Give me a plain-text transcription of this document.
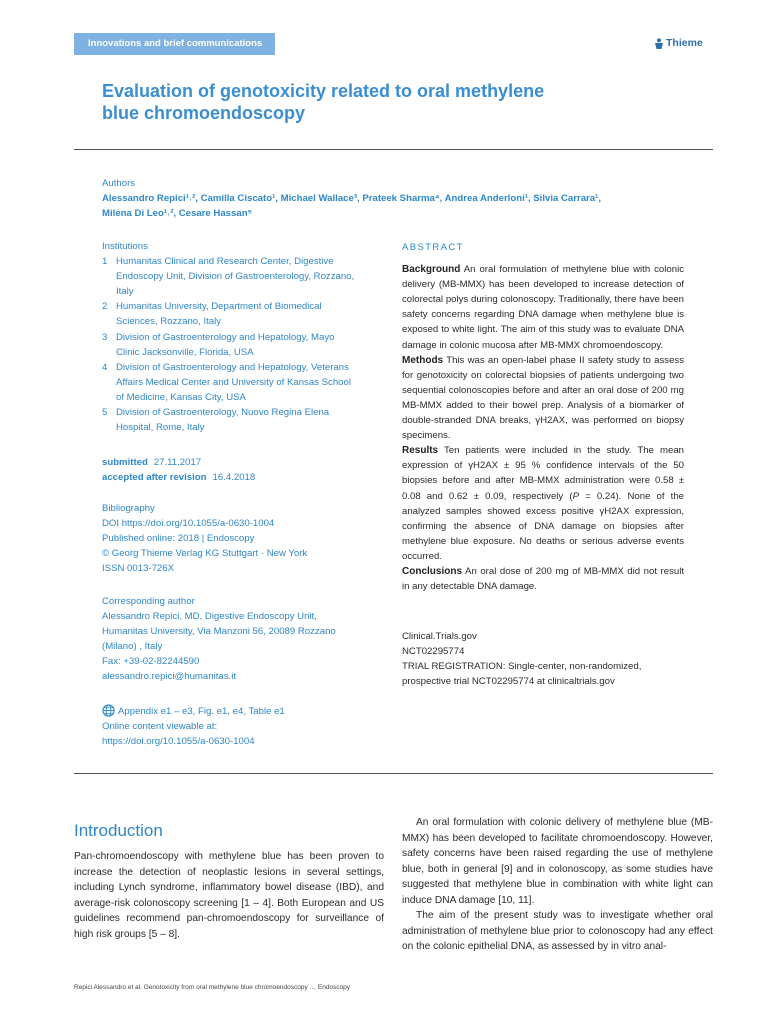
Innovations and brief communications	Thieme
Evaluation of genotoxicity related to oral methylene
blue chromoendoscopy
Authors
Alessandro Repici¹˒², Camilla Ciscato¹, Michael Wallace³, Prateek Sharma⁴, Andrea Anderloni¹, Silvia Carrara¹,
Milena Di Leo¹˒², Cesare Hassan⁵
Institutions
1 Humanitas Clinical and Research Center, Digestive
Endoscopy Unit, Division of Gastroenterology, Rozzano,
Italy
2 Humanitas University, Department of Biomedical
Sciences, Rozzano, Italy
3 Division of Gastroenterology and Hepatology, Mayo
Clinic Jacksonville, Florida, USA
4 Division of Gastroenterology and Hepatology, Veterans
Affairs Medical Center and University of Kansas School
of Medicine, Kansas City, USA
5 Division of Gastroenterology, Nuovo Regina Elena
Hospital, Rome, Italy
submitted 27.11.2017
accepted after revision 16.4.2018
Bibliography
DOI https://doi.org/10.1055/a-0630-1004
Published online: 2018 | Endoscopy
© Georg Thieme Verlag KG Stuttgart · New York
ISSN 0013-726X
Corresponding author
Alessandro Repici, MD, Digestive Endoscopy Unit,
Humanitas University, Via Manzoni 56, 20089 Rozzano
(Milano) , Italy
Fax: +39-02-82244590
alessandro.repici@humanitas.it
Appendix e1 – e3, Fig. e1, e4, Table e1
Online content viewable at:
https://doi.org/10.1055/a-0630-1004
ABSTRACT

Background An oral formulation of methylene blue with colonic delivery (MB-MMX) has been developed to increase detection of colorectal polys during colonoscopy. Traditionally, there have been safety concerns regarding DNA damage when methylene blue is exposed to white light. The aim of this study was to evaluate DNA damage in colonic mucosa after MB-MMX chromoendoscopy.

Methods This was an open-label phase II safety study to assess for genotoxicity on colorectal biopsies of patients undergoing two sequential colonoscopies before and after an oral dose of 200 mg MB-MMX added to their bowel prep. Analysis of a biomarker of double-stranded DNA breaks, γH2AX, was performed on biopsy specimens.

Results Ten patients were included in the study. The mean expression of γH2AX ± 95 % confidence intervals of the 50 biopsies before and after MB-MMX administration were 0.58 ± 0.08 and 0.62 ± 0.09, respectively (P = 0.24). None of the analyzed samples showed excess positive γH2AX expression, confirming the absence of DNA damage on biopsies after methylene blue exposure. No deaths or serious adverse events occurred.

Conclusions An oral dose of 200 mg of MB-MMX did not result in any detectable DNA damage.

Clinical.Trials.gov
NCT02295774
TRIAL REGISTRATION: Single-center, non-randomized,
prospective trial NCT02295774 at clinicaltrials.gov
Introduction

Pan-chromoendoscopy with methylene blue has been proven to increase the detection of neoplastic lesions in several settings, including Lynch syndrome, inflammatory bowel disease (IBD), and average-risk colonoscopy screening [1 – 4]. Both European and US guidelines recommend pan-chromoendoscopy for surveillance of high risk groups [5 – 8].

An oral formulation with colonic delivery of methylene blue (MB-MMX) has been developed to facilitate chromoendoscopy. However, safety concerns have been raised regarding the use of methylene blue, both in general [9] and in colonoscopy, as some studies have suggested that methylene blue in combination with white light can induce DNA damage [10, 11].

The aim of the present study was to investigate whether oral administration of methylene blue prior to colonoscopy had any effect on the colonic epithelial DNA, as assessed by in vitro anal-

Repici Alessandro et al. Genotoxicity from oral methylene blue chromoendoscopy … Endoscopy
